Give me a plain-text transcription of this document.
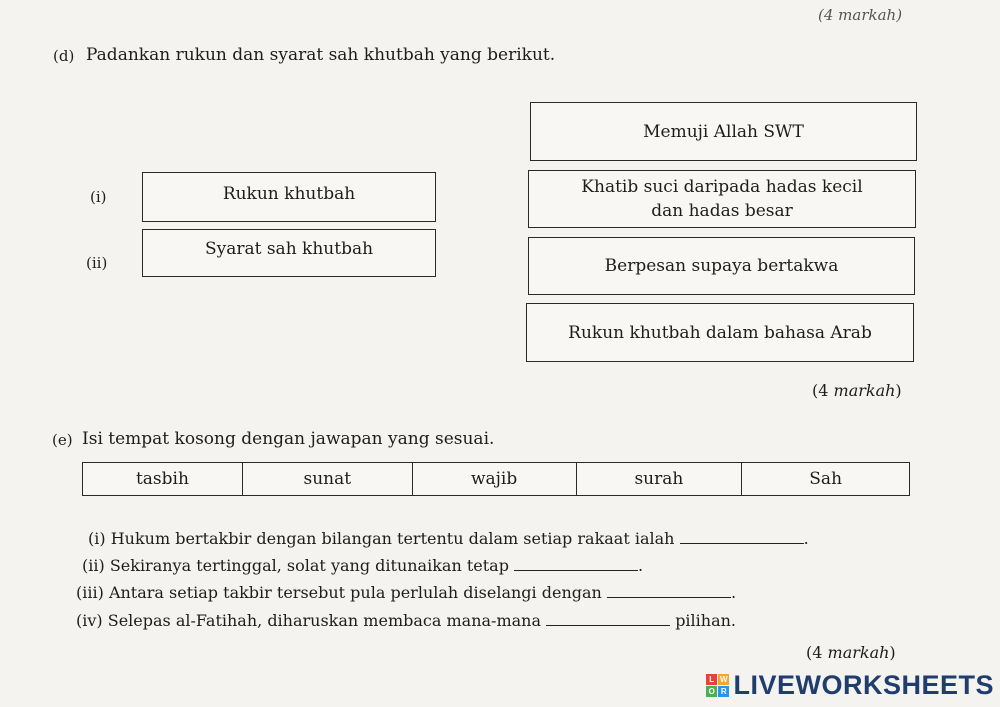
(4 markah)
(d) Padankan rukun dan syarat sah khutbah yang berikut.
(i)	Rukun khutbah
(ii)
Syarat sah khutbah
Memuji Allah SWT
Khatib suci daripada hadas kecil dan hadas besar
Berpesan supaya bertakwa
Rukun khutbah dalam bahasa Arab
(4 markah)
(e) Isi tempat kosong dengan jawapan yang sesuai.
tasbih	sunat	wajib	surah	Sah
(i) Hukum bertakbir dengan bilangan tertentu dalam setiap rakaat ialah	.
(ii) Sekiranya tertinggal, solat yang ditunaikan tetap	.
(iii) Antara setiap takbir tersebut pula perlulah diselangi dengan	.
(iv) Selepas al-Fatihah, diharuskan membaca mana-mana	pilihan.
(4 markah)
L W
O R LIVEWORKSHEETS
